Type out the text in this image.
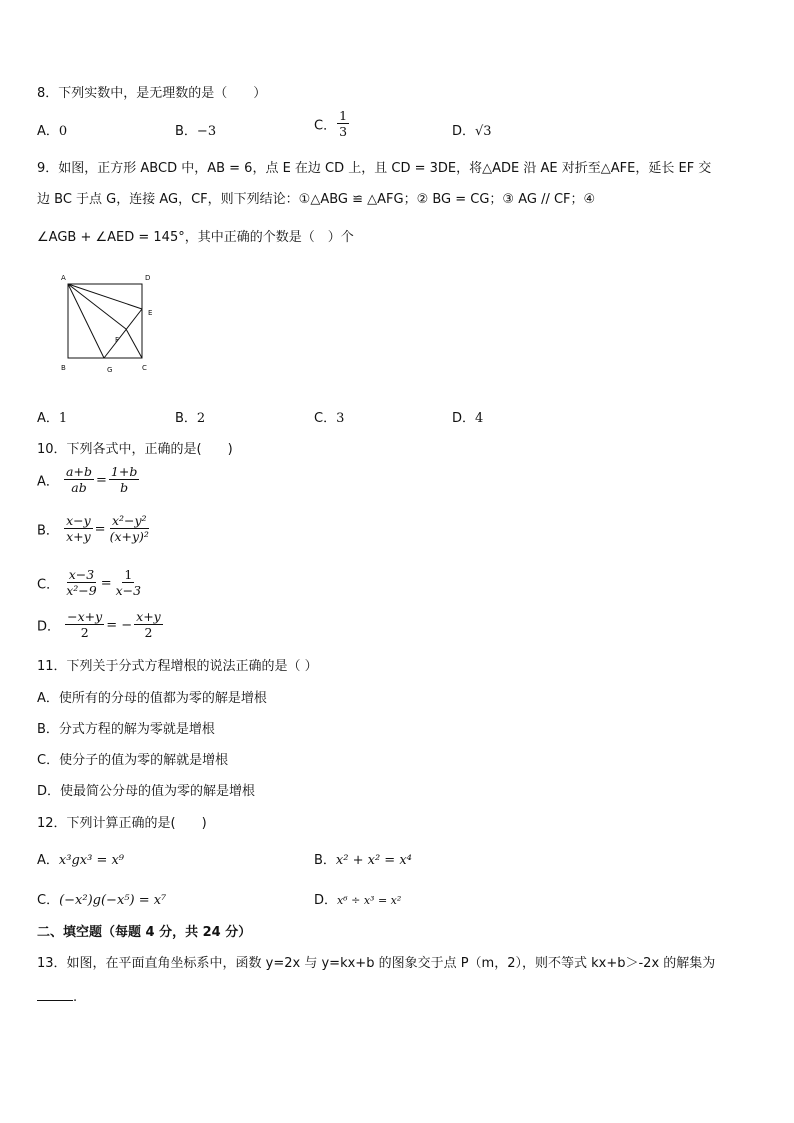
8．下列实数中，是无理数的是（　　）
A．0	B．−3	C． $\frac{1}{3}$	D．√3
9．如图，正方形 ABCD 中，AB = 6，点 E 在边 CD 上，且 CD = 3DE，将△ADE 沿 AE 对折至△AFE，延长 EF 交
边 BC 于点 G，连接 AG，CF，则下列结论：①△ABG ≌ △AFG；② BG = CG；③ AG // CF；④
∠AGB + ∠AED = 145°，其中正确的个数是（　）个
A	D
E
F
B	G	C
A．1	B．2	C．3	D．4
10．下列各式中，正确的是(　　)
A． $\frac{a+b}{ab} = \frac{1+b}{b}$
B． $\frac{x-y}{x+y} = \frac{\text{x²−y²}}{\text{(x+y)²}}$
C． $\frac{x-3}{\text{x²−9}} = \frac{1}{x-3}$
D． $\frac{-x+y}{2}$ = − $\frac{x+y}{2}$
11．下列关于分式方程增根的说法正确的是（ ）
A．使所有的分母的值都为零的解是增根
B．分式方程的解为零就是增根
C．使分子的值为零的解就是增根
D．使最简公分母的值为零的解是增根
12．下列计算正确的是(　　)
A．x³gx³ = x⁹	B．x² + x² = x⁴
C．(−x²)g(−x⁵) = x⁷	D．x⁶ ÷ x³ = x²
二、填空题（每题 4 分，共 24 分）
13．如图，在平面直角坐标系中，函数 y=2x 与 y=kx+b 的图象交于点 P（m，2），则不等式 kx+b＞-2x 的解集为
.
